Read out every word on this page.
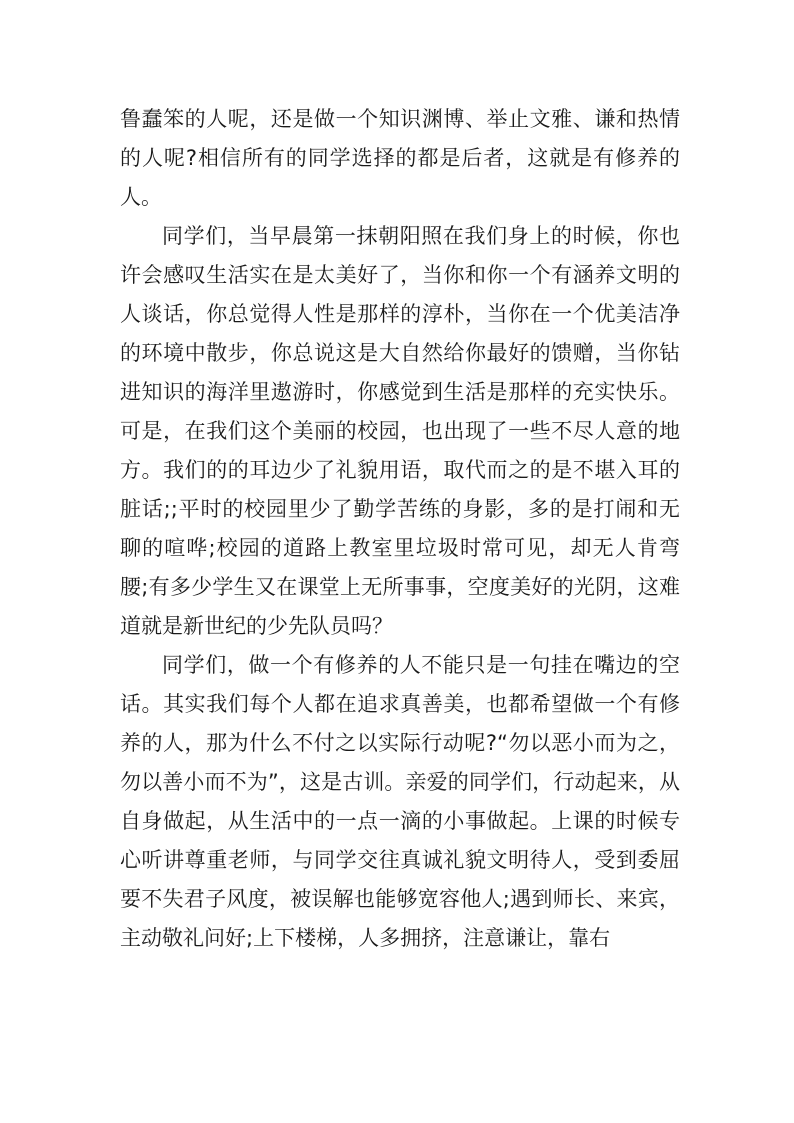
鲁蠢笨的人呢，还是做一个知识渊博、举止文雅、谦和热情的人呢?相信所有的同学选择的都是后者，这就是有修养的人。

同学们，当早晨第一抹朝阳照在我们身上的时候，你也许会感叹生活实在是太美好了，当你和你一个有涵养文明的人谈话，你总觉得人性是那样的淳朴，当你在一个优美洁净的环境中散步，你总说这是大自然给你最好的馈赠，当你钻进知识的海洋里遨游时，你感觉到生活是那样的充实快乐。可是，在我们这个美丽的校园，也出现了一些不尽人意的地方。我们的的耳边少了礼貌用语，取代而之的是不堪入耳的脏话;;平时的校园里少了勤学苦练的身影，多的是打闹和无聊的喧哗;校园的道路上教室里垃圾时常可见，却无人肯弯腰;有多少学生又在课堂上无所事事，空度美好的光阴，这难道就是新世纪的少先队员吗？

同学们，做一个有修养的人不能只是一句挂在嘴边的空话。其实我们每个人都在追求真善美，也都希望做一个有修养的人，那为什么不付之以实际行动呢?“勿以恶小而为之，勿以善小而不为”，这是古训。亲爱的同学们，行动起来，从自身做起，从生活中的一点一滴的小事做起。上课的时候专心听讲尊重老师，与同学交往真诚礼貌文明待人，受到委屈要不失君子风度，被误解也能够宽容他人;遇到师长、来宾，主动敬礼问好;上下楼梯，人多拥挤，注意谦让，靠右
